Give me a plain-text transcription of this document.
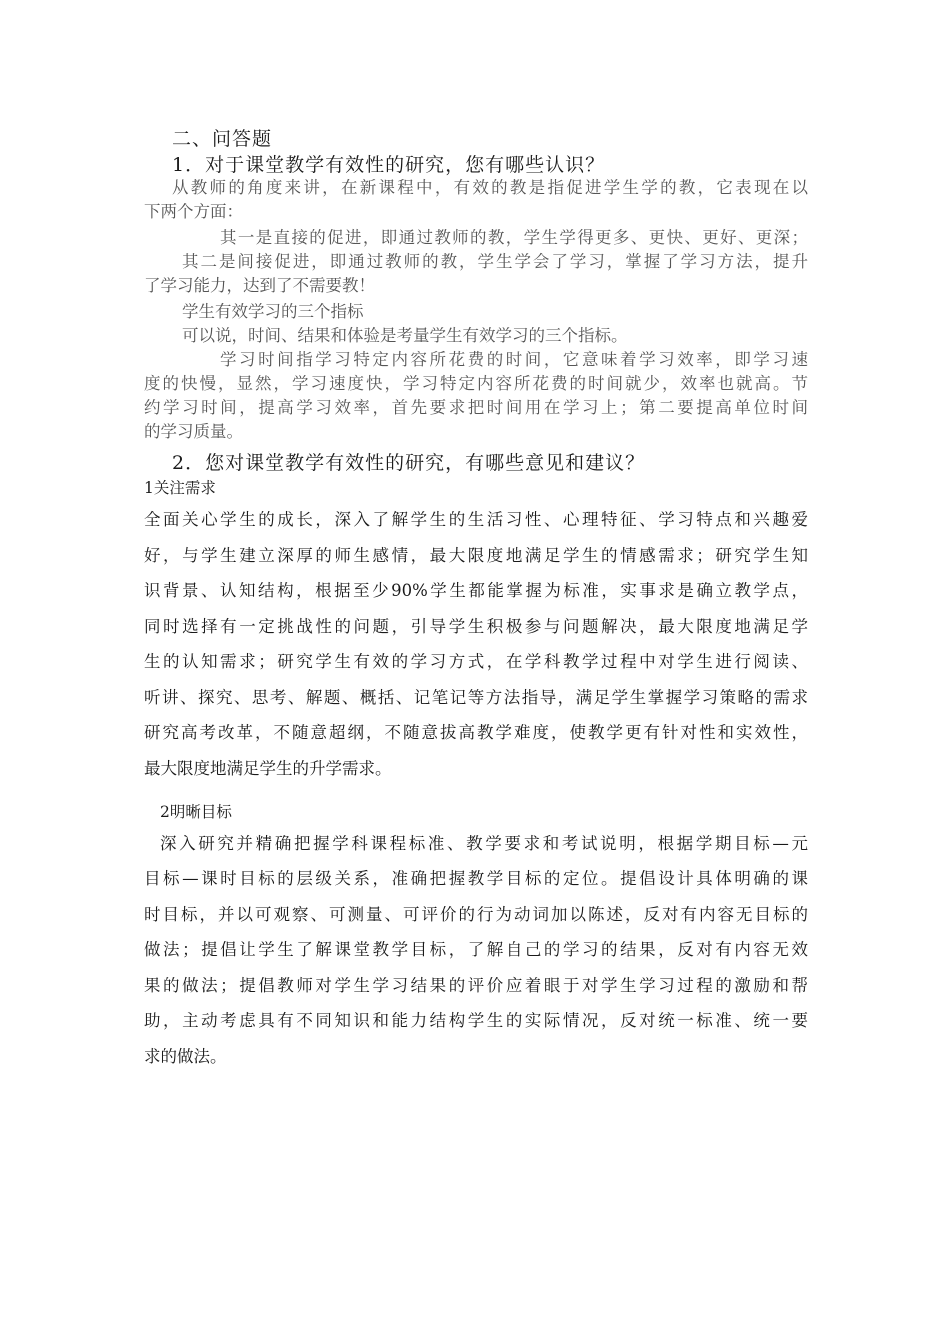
二、问答题

1．对于课堂教学有效性的研究，您有哪些认识？

从教师的角度来讲，在新课程中，有效的教是指促进学生学的教，它表现在以

下两个方面：

其一是直接的促进，即通过教师的教，学生学得更多、更快、更好、更深；

其二是间接促进，即通过教师的教，学生学会了学习，掌握了学习方法，提升

了学习能力，达到了不需要教！

学生有效学习的三个指标

可以说，时间、结果和体验是考量学生有效学习的三个指标。

学习时间指学习特定内容所花费的时间，它意味着学习效率，即学习速

度的快慢，显然，学习速度快，学习特定内容所花费的时间就少，效率也就高。节

约学习时间，提高学习效率，首先要求把时间用在学习上；第二要提高单位时间

的学习质量。

2．您对课堂教学有效性的研究，有哪些意见和建议？

1关注需求

全面关心学生的成长，深入了解学生的生活习性、心理特征、学习特点和兴趣爱

好，与学生建立深厚的师生感情，最大限度地满足学生的情感需求；研究学生知

识背景、认知结构，根据至少90%学生都能掌握为标准，实事求是确立教学点，

同时选择有一定挑战性的问题，引导学生积极参与问题解决，最大限度地满足学

生的认知需求；研究学生有效的学习方式，在学科教学过程中对学生进行阅读、

听讲、探究、思考、解题、概括、记笔记等方法指导，满足学生掌握学习策略的需求

研究高考改革，不随意超纲，不随意拔高教学难度，使教学更有针对性和实效性，

最大限度地满足学生的升学需求。

2明晰目标

深入研究并精确把握学科课程标准、教学要求和考试说明，根据学期目标—元

目标—课时目标的层级关系，准确把握教学目标的定位。提倡设计具体明确的课

时目标，并以可观察、可测量、可评价的行为动词加以陈述，反对有内容无目标的

做法；提倡让学生了解课堂教学目标，了解自己的学习的结果，反对有内容无效

果的做法；提倡教师对学生学习结果的评价应着眼于对学生学习过程的激励和帮

助，主动考虑具有不同知识和能力结构学生的实际情况，反对统一标准、统一要

求的做法。
